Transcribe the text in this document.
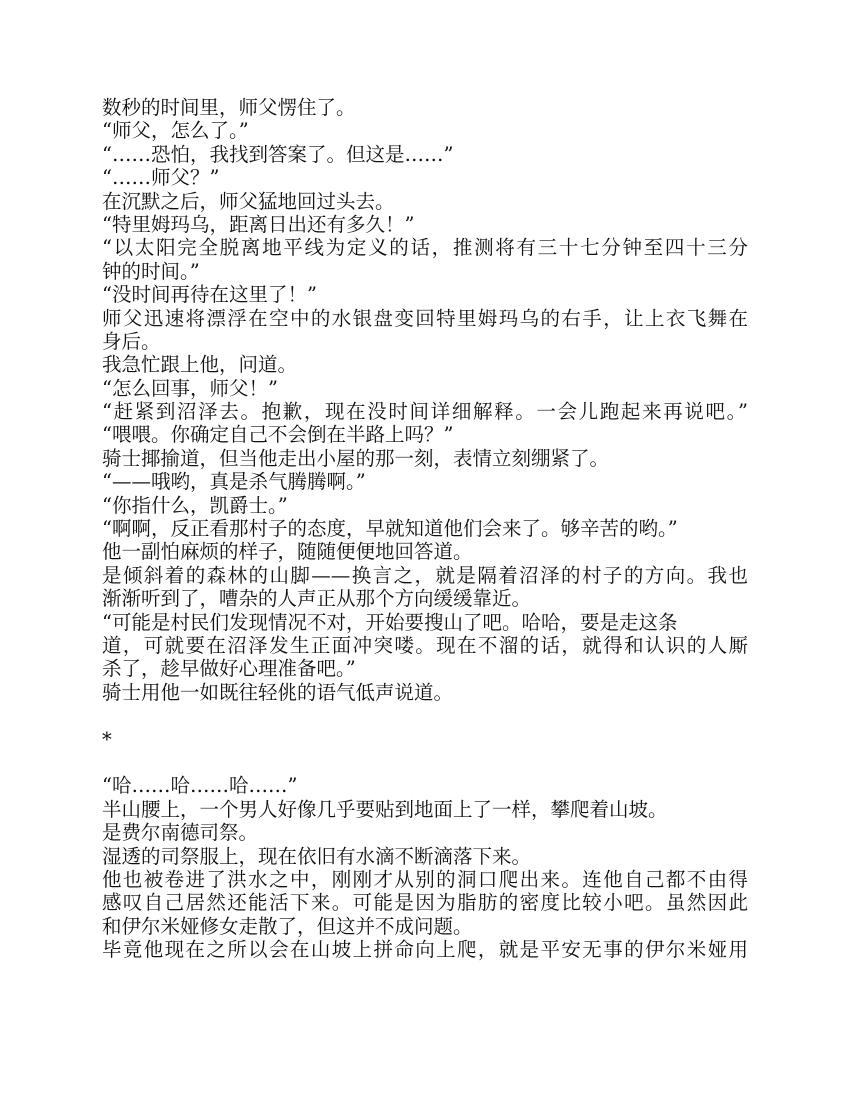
数秒的时间里，师父愣住了。
“师父，怎么了。”
“……恐怕，我找到答案了。但这是……”
“……师父？”
在沉默之后，师父猛地回过头去。
“特里姆玛乌，距离日出还有多久！”
“以太阳完全脱离地平线为定义的话，推测将有三十七分钟至四十三分
钟的时间。”
“没时间再待在这里了！”
师父迅速将漂浮在空中的水银盘变回特里姆玛乌的右手，让上衣飞舞在
身后。
我急忙跟上他，问道。
“怎么回事，师父！”
“赶紧到沼泽去。抱歉，现在没时间详细解释。一会儿跑起来再说吧。”
“喂喂。你确定自己不会倒在半路上吗？”
骑士揶揄道，但当他走出小屋的那一刻，表情立刻绷紧了。
“——哦哟，真是杀气腾腾啊。”
“你指什么，凯爵士。”
“啊啊，反正看那村子的态度，早就知道他们会来了。够辛苦的哟。”
他一副怕麻烦的样子，随随便便地回答道。
是倾斜着的森林的山脚——换言之，就是隔着沼泽的村子的方向。我也
渐渐听到了，嘈杂的人声正从那个方向缓缓靠近。
“可能是村民们发现情况不对，开始要搜山了吧。哈哈，要是走这条
道，可就要在沼泽发生正面冲突喽。现在不溜的话，就得和认识的人厮
杀了，趁早做好心理准备吧。”
骑士用他一如既往轻佻的语气低声说道。
*
“哈……哈……哈……”
半山腰上，一个男人好像几乎要贴到地面上了一样，攀爬着山坡。
是费尔南德司祭。
湿透的司祭服上，现在依旧有水滴不断滴落下来。
他也被卷进了洪水之中，刚刚才从别的洞口爬出来。连他自己都不由得
感叹自己居然还能活下来。可能是因为脂肪的密度比较小吧。虽然因此
和伊尔米娅修女走散了，但这并不成问题。
毕竟他现在之所以会在山坡上拼命向上爬，就是平安无事的伊尔米娅用
